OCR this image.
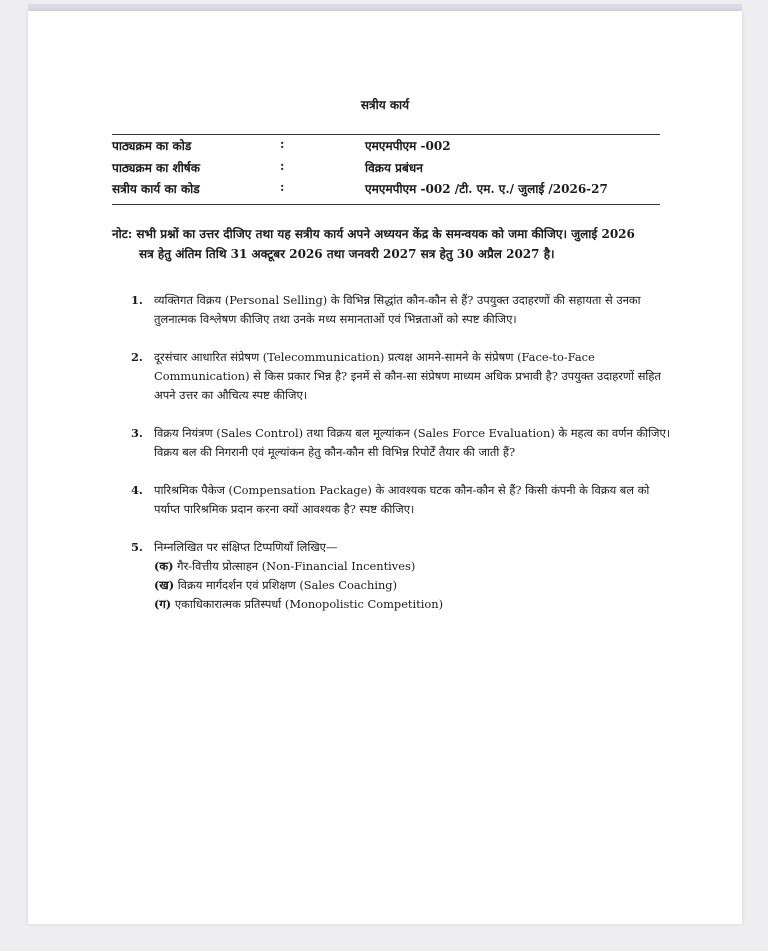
सत्रीय कार्य
पाठ्यक्रम का कोड	:	एमएमपीएम -002
पाठ्यक्रम का शीर्षक	:	विक्रय प्रबंधन
सत्रीय कार्य का कोड	:	एमएमपीएम -002 /टी. एम. ए./ जुलाई /2026-27
नोट: सभी प्रश्नों का उत्तर दीजिए तथा यह सत्रीय कार्य अपने अध्ययन केंद्र के समन्वयक को जमा कीजिए। जुलाई 2026
सत्र हेतु अंतिम तिथि 31 अक्टूबर 2026 तथा जनवरी 2027 सत्र हेतु 30 अप्रैल 2027 है।
1. व्यक्तिगत विक्रय (Personal Selling) के विभिन्न सिद्धांत कौन-कौन से हैं? उपयुक्त उदाहरणों की सहायता से उनका
तुलनात्मक विश्लेषण कीजिए तथा उनके मध्य समानताओं एवं भिन्नताओं को स्पष्ट कीजिए।
2. दूरसंचार आधारित संप्रेषण (Telecommunication) प्रत्यक्ष आमने-सामने के संप्रेषण (Face-to-Face
Communication) से किस प्रकार भिन्न है? इनमें से कौन-सा संप्रेषण माध्यम अधिक प्रभावी है? उपयुक्त उदाहरणों सहित
अपने उत्तर का औचित्य स्पष्ट कीजिए।
3. विक्रय नियंत्रण (Sales Control) तथा विक्रय बल मूल्यांकन (Sales Force Evaluation) के महत्व का वर्णन कीजिए।
विक्रय बल की निगरानी एवं मूल्यांकन हेतु कौन-कौन सी विभिन्न रिपोर्टें तैयार की जाती हैं?
4. पारिश्रमिक पैकेज (Compensation Package) के आवश्यक घटक कौन-कौन से हैं? किसी कंपनी के विक्रय बल को
पर्याप्त पारिश्रमिक प्रदान करना क्यों आवश्यक है? स्पष्ट कीजिए।
5. निम्नलिखित पर संक्षिप्त टिप्पणियाँ लिखिए—
(क) गैर-वित्तीय प्रोत्साहन (Non-Financial Incentives)
(ख) विक्रय मार्गदर्शन एवं प्रशिक्षण (Sales Coaching)
(ग) एकाधिकारात्मक प्रतिस्पर्धा (Monopolistic Competition)
